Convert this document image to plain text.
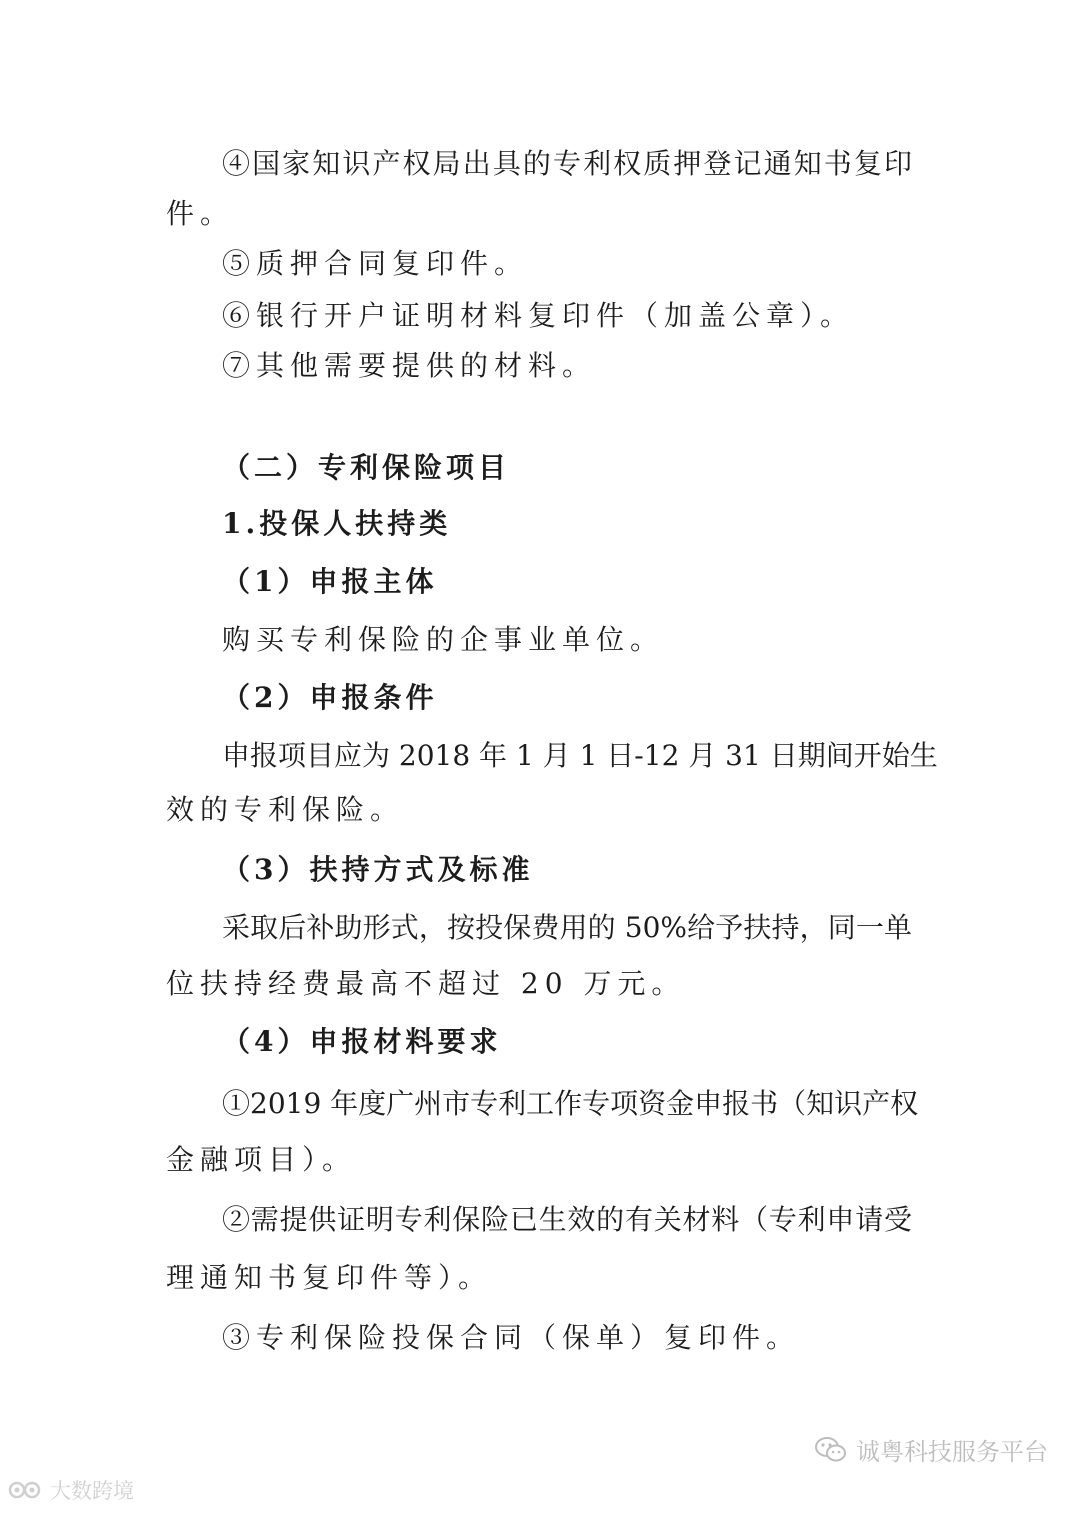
④国家知识产权局出具的专利权质押登记通知书复印
件。
⑤质押合同复印件。
⑥银行开户证明材料复印件（加盖公章）。
⑦其他需要提供的材料。
（二）专利保险项目
1.投保人扶持类
（1）申报主体
购买专利保险的企事业单位。
（2）申报条件
申报项目应为 2018 年 1 月 1 日-12 月 31 日期间开始生
效的专利保险。
（3）扶持方式及标准
采取后补助形式，按投保费用的 50%给予扶持，同一单
位扶持经费最高不超过 20 万元。
（4）申报材料要求
①2019 年度广州市专利工作专项资金申报书（知识产权
金融项目）。
②需提供证明专利保险已生效的有关材料（专利申请受
理通知书复印件等）。
③专利保险投保合同（保单）复印件。
大数跨境
诚粤科技服务平台
